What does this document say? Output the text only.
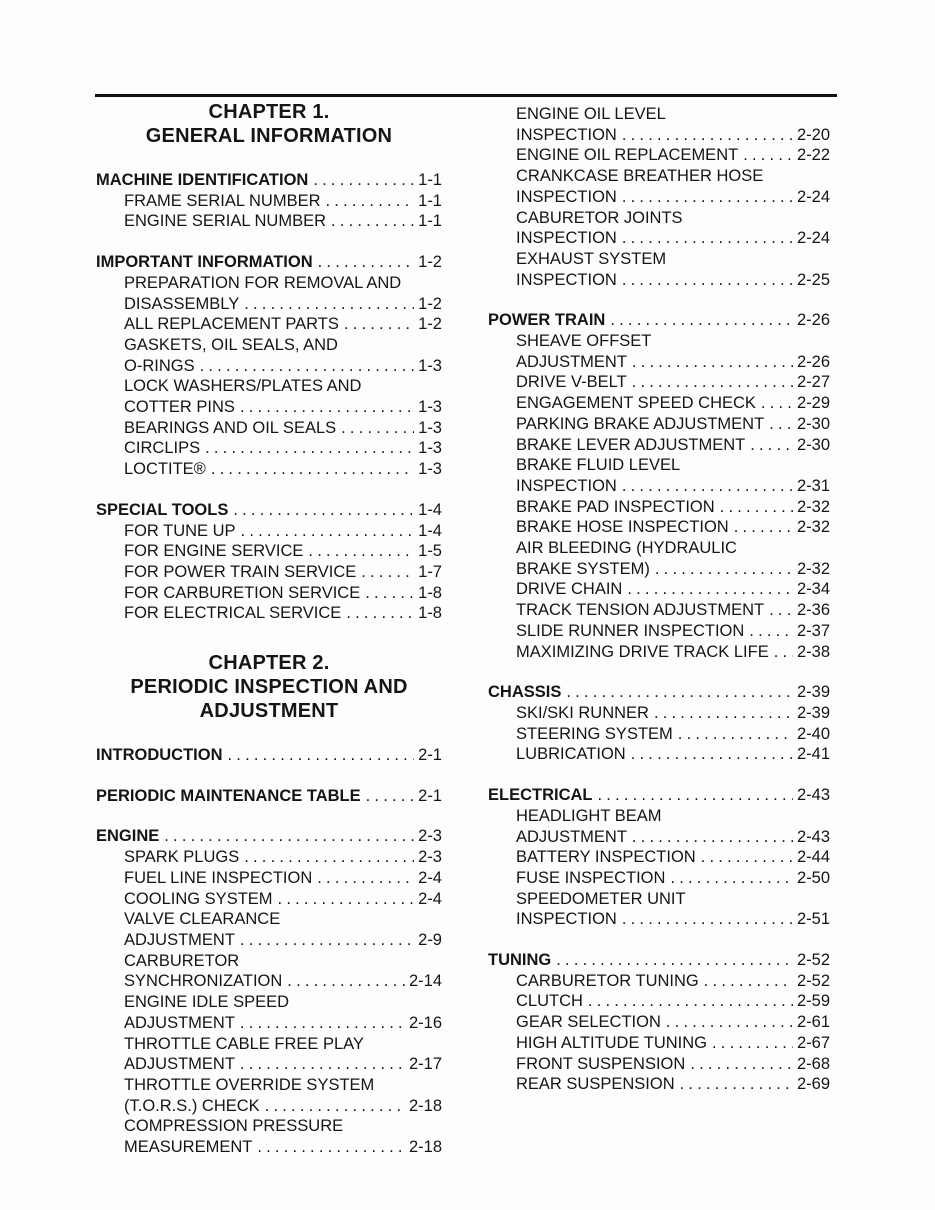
CHAPTER 1.
GENERAL INFORMATION
MACHINE IDENTIFICATION .....	1-1
FRAME SERIAL NUMBER .....	1-1
ENGINE SERIAL NUMBER .....	1-1
IMPORTANT INFORMATION .....	1-2
PREPARATION FOR REMOVAL AND
DISASSEMBLY .....	1-2
ALL REPLACEMENT PARTS .....	1-2
GASKETS, OIL SEALS, AND
O-RINGS .....	1-3
LOCK WASHERS/PLATES AND
COTTER PINS .....	1-3
BEARINGS AND OIL SEALS .....	1-3
CIRCLIPS .....	1-3
LOCTITE® .....	1-3
SPECIAL TOOLS .....	1-4
FOR TUNE UP .....	1-4
FOR ENGINE SERVICE .....	1-5
FOR POWER TRAIN SERVICE .....	1-7
FOR CARBURETION SERVICE .....	1-8
FOR ELECTRICAL SERVICE .....	1-8
CHAPTER 2.
PERIODIC INSPECTION AND
ADJUSTMENT
INTRODUCTION .....	2-1
PERIODIC MAINTENANCE TABLE .....	2-1
ENGINE .....	2-3
SPARK PLUGS .....	2-3
FUEL LINE INSPECTION .....	2-4
COOLING SYSTEM .....	2-4
VALVE CLEARANCE
ADJUSTMENT .....	2-9
CARBURETOR
SYNCHRONIZATION .....	2-14
ENGINE IDLE SPEED
ADJUSTMENT .....	2-16
THROTTLE CABLE FREE PLAY
ADJUSTMENT .....	2-17
THROTTLE OVERRIDE SYSTEM
(T.O.R.S.) CHECK .....	2-18
COMPRESSION PRESSURE
MEASUREMENT .....	2-18
ENGINE OIL LEVEL
INSPECTION .....	2-20
ENGINE OIL REPLACEMENT .....	2-22
CRANKCASE BREATHER HOSE
INSPECTION .....	2-24
CABURETOR JOINTS
INSPECTION .....	2-24
EXHAUST SYSTEM
INSPECTION .....	2-25
POWER TRAIN .....	2-26
SHEAVE OFFSET
ADJUSTMENT .....	2-26
DRIVE V-BELT .....	2-27
ENGAGEMENT SPEED CHECK ..... 2-29
PARKING BRAKE ADJUSTMENT ..... 2-30
BRAKE LEVER ADJUSTMENT .....	2-30
BRAKE FLUID LEVEL
INSPECTION .....	2-31
BRAKE PAD INSPECTION .....	2-32
BRAKE HOSE INSPECTION .....	2-32
AIR BLEEDING (HYDRAULIC
BRAKE SYSTEM) .....	2-32
DRIVE CHAIN .....	2-34
TRACK TENSION ADJUSTMENT ..... 2-36
SLIDE RUNNER INSPECTION .....	2-37
MAXIMIZING DRIVE TRACK LIFE ..... 2-38
CHASSIS .....	2-39
SKI/SKI RUNNER .....	2-39
STEERING SYSTEM .....	2-40
LUBRICATION .....	2-41
ELECTRICAL .....	2-43
HEADLIGHT BEAM
ADJUSTMENT .....	2-43
BATTERY INSPECTION .....	2-44
FUSE INSPECTION .....	2-50
SPEEDOMETER UNIT
INSPECTION .....	2-51
TUNING .....	2-52
CARBURETOR TUNING .....	2-52
CLUTCH .....	2-59
GEAR SELECTION .....	2-61
HIGH ALTITUDE TUNING .....	2-67
FRONT SUSPENSION .....	2-68
REAR SUSPENSION .....	2-69
